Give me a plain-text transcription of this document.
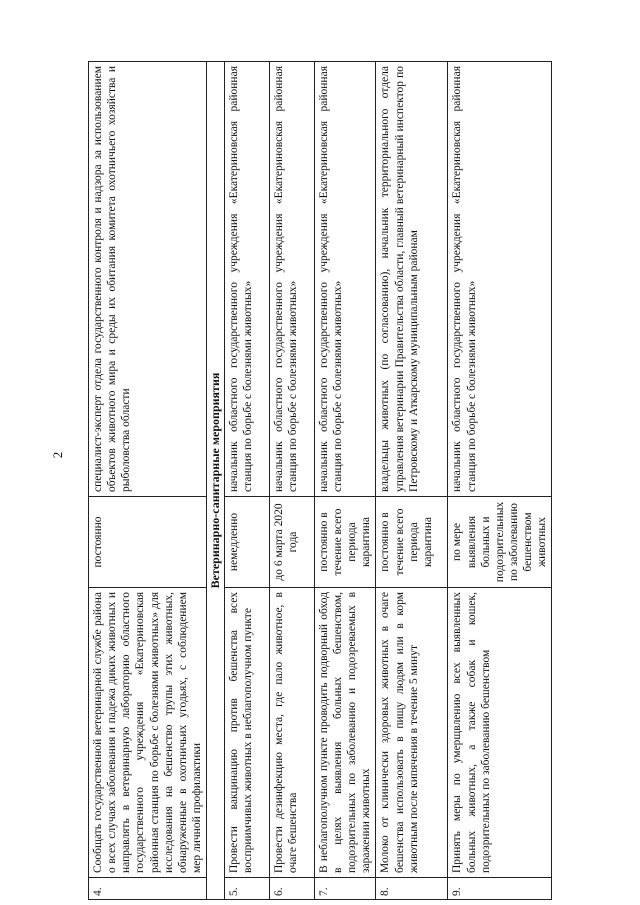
2
4.	Сообщать государственной ветеринарной службе района о всех случаях заболевания и падежа диких животных и направлять в ветеринарную лабораторию областного государственного учреждения «Екатериновская районная станция по борьбе с болезнями животных» для исследования на бешенство трупы этих животных, обнаруженные в охотничьих угодьях, с соблюдением мер личной профилактики	постоянно	специалист-эксперт отдела государственного контроля и надзора за использованием объектов животного мира и среды их обитания комитета охотничьего хозяйства и рыболовства области
Ветеринарно-санитарные мероприятия			
5.	Провести вакцинацию против бешенства всех восприимчивых животных в неблагополучном пункте	немедленно	начальник областного государственного учреждения «Екатериновская районная станция по борьбе с болезнями животных»
6.	Провести дезинфекцию места, где пало животное, в очаге бешенства	до 6 марта 2020 года	начальник областного государственного учреждения «Екатериновская районная станция по борьбе с болезнями животных»
7.	В неблагополучном пункте проводить подворный обход в целях выявления больных бешенством, подозрительных по заболеванию и подозреваемых в заражении животных	постоянно в течение всего периода карантина	начальник областного государственного учреждения «Екатериновская районная станция по борьбе с болезнями животных»
8.	Молоко от клинически здоровых животных в очаге бешенства использовать в пищу людям или в корм животным после кипячения в течение 5 минут	постоянно в течение всего периода карантина	владельцы животных (по согласованию), начальник территориального отдела управления ветеринарии Правительства области, главный ветеринарный инспектор по Петровскому и Аткарскому муниципальным районам
9.	Принять меры по умерщвлению всех выявленных больных животных, а также собак и кошек, подозрительных по заболеванию бешенством	по мере выявления больных и подозрительных по заболеванию бешенством животных	начальник областного государственного учреждения «Екатериновская районная станция по борьбе с болезнями животных»
